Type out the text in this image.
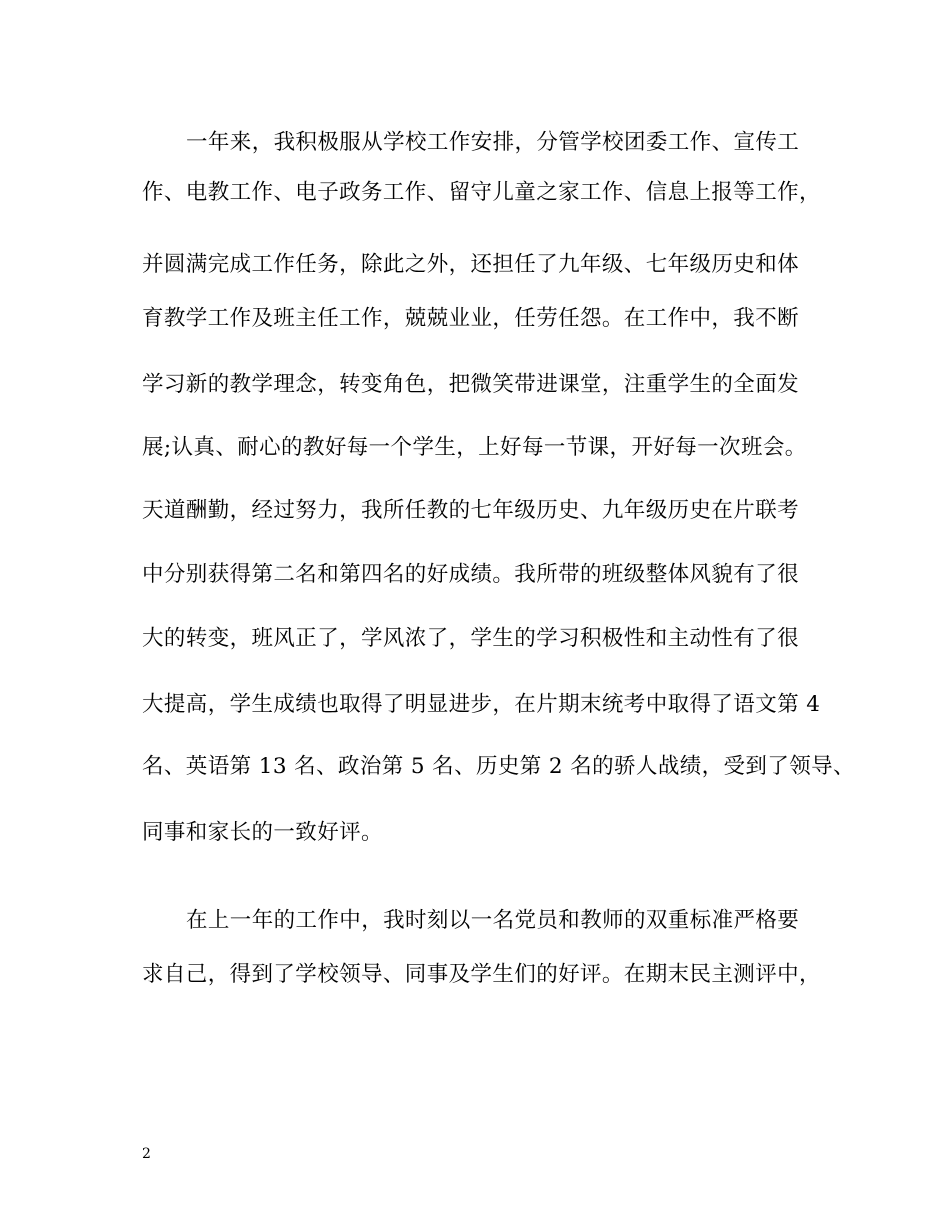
一年来，我积极服从学校工作安排，分管学校团委工作、宣传工
作、电教工作、电子政务工作、留守儿童之家工作、信息上报等工作，
并圆满完成工作任务，除此之外，还担任了九年级、七年级历史和体
育教学工作及班主任工作，兢兢业业，任劳任怨。在工作中，我不断
学习新的教学理念，转变角色，把微笑带进课堂，注重学生的全面发
展;认真、耐心的教好每一个学生，上好每一节课，开好每一次班会。
天道酬勤，经过努力，我所任教的七年级历史、九年级历史在片联考
中分别获得第二名和第四名的好成绩。我所带的班级整体风貌有了很
大的转变，班风正了，学风浓了，学生的学习积极性和主动性有了很
大提高，学生成绩也取得了明显进步，在片期末统考中取得了语文第 4
名、英语第 13 名、政治第 5 名、历史第 2 名的骄人战绩，受到了领导、
同事和家长的一致好评。
在上一年的工作中，我时刻以一名党员和教师的双重标准严格要
求自己，得到了学校领导、同事及学生们的好评。在期末民主测评中，
2
